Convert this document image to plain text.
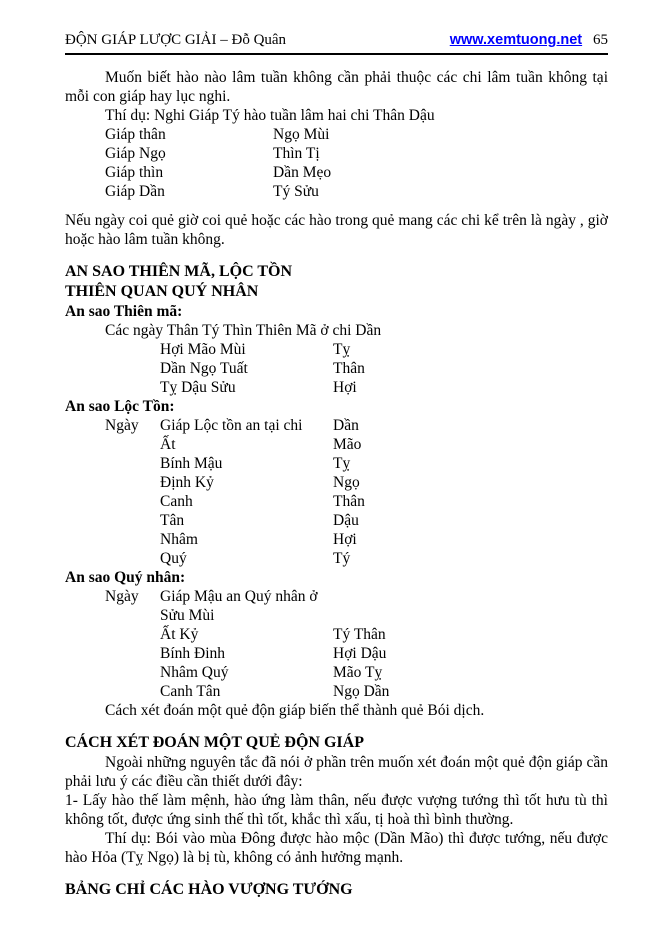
ĐỘN GIÁP LƯỢC GIẢI – Đỗ Quân	www.xemtuong.net 65

Muốn biết hào nào lâm tuần không cần phải thuộc các chi lâm tuần không tại mỗi con giáp hay lục nghi.

Thí dụ: Nghi Giáp Tý hào tuần lâm hai chi Thân Dậu
Giáp thân	Ngọ Mùi
Giáp Ngọ	Thìn Tị
Giáp thìn	Dần Mẹo
Giáp Dần	Tý Sửu

Nếu ngày coi quẻ giờ coi quẻ hoặc các hào trong quẻ mang các chi kể trên là ngày , giờ hoặc hào lâm tuần không.

AN SAO THIÊN MÃ, LỘC TỒN
THIÊN QUAN QUÝ NHÂN
An sao Thiên mã:
Các ngày Thân Tý Thìn Thiên Mã ở chi Dần
Hợi Mão Mùi	Tỵ
Dần Ngọ Tuất	Thân
Tỵ Dậu Sửu	Hợi
An sao Lộc Tồn:
Ngày	Giáp Lộc tồn an tại chi	Dần
Ất	Mão
Bính Mậu	Tỵ
Định Kỷ	Ngọ
Canh	Thân
Tân	Dậu
Nhâm	Hợi
Quý	Tý
An sao Quý nhân:
Ngày	Giáp Mậu an Quý nhân ở Sửu Mùi
Ất Kỷ	Tý Thân
Bính Đinh	Hợi Dậu
Nhâm Quý	Mão Tỵ
Canh Tân	Ngọ Dần
Cách xét đoán một quẻ độn giáp biến thể thành quẻ Bói dịch.
CÁCH XÉT ĐOÁN MỘT QUẺ ĐỘN GIÁP

Ngoài những nguyên tắc đã nói ở phần trên muốn xét đoán một quẻ độn giáp cần phải lưu ý các điều cần thiết dưới đây:

1- Lấy hào thế làm mệnh, hào ứng làm thân, nếu được vượng tướng thì tốt hưu tù thì không tốt, được ứng sinh thế thì tốt, khắc thì xấu, tị hoà thì bình thường.

Thí dụ: Bói vào mùa Đông được hào mộc (Dần Mão) thì được tướng, nếu được hào Hỏa (Tỵ Ngọ) là bị tù, không có ảnh hưởng mạnh.

BẢNG CHỈ CÁC HÀO VƯỢNG TƯỚNG
